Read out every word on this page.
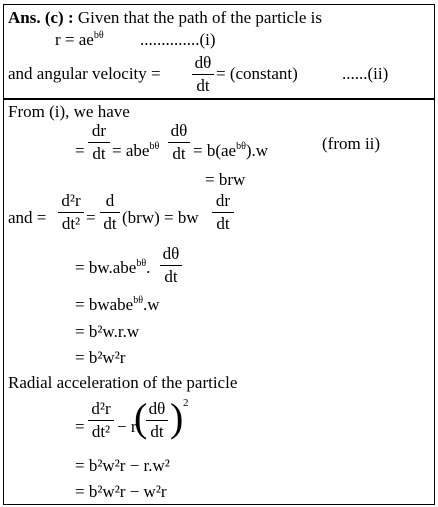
Ans. (c) : Given that the path of the particle is
$r = ae^{b\theta}$ ..............(i)
and angular velocity =
dθ
dt
= (constant)	......(ii)
From (i), we have
=
dr
dt = abe$^{b\theta}$
dθ
dt = $b(ae^{b\theta}).w$	(from ii)
= brw
and =
d²r
dt² =
d
dt (brw) = bw
dr
dt
= bw.abe$^{b\theta}$.
dθ
dt
= bwabe$^{b\theta}$.w
= b²w.r.w
= b²w²r
Radial acceleration of the particle
=
d²r
dt² − r
( dθ
dt ) 2
= b²w²r − r.w²
= b²w²r − w²r
